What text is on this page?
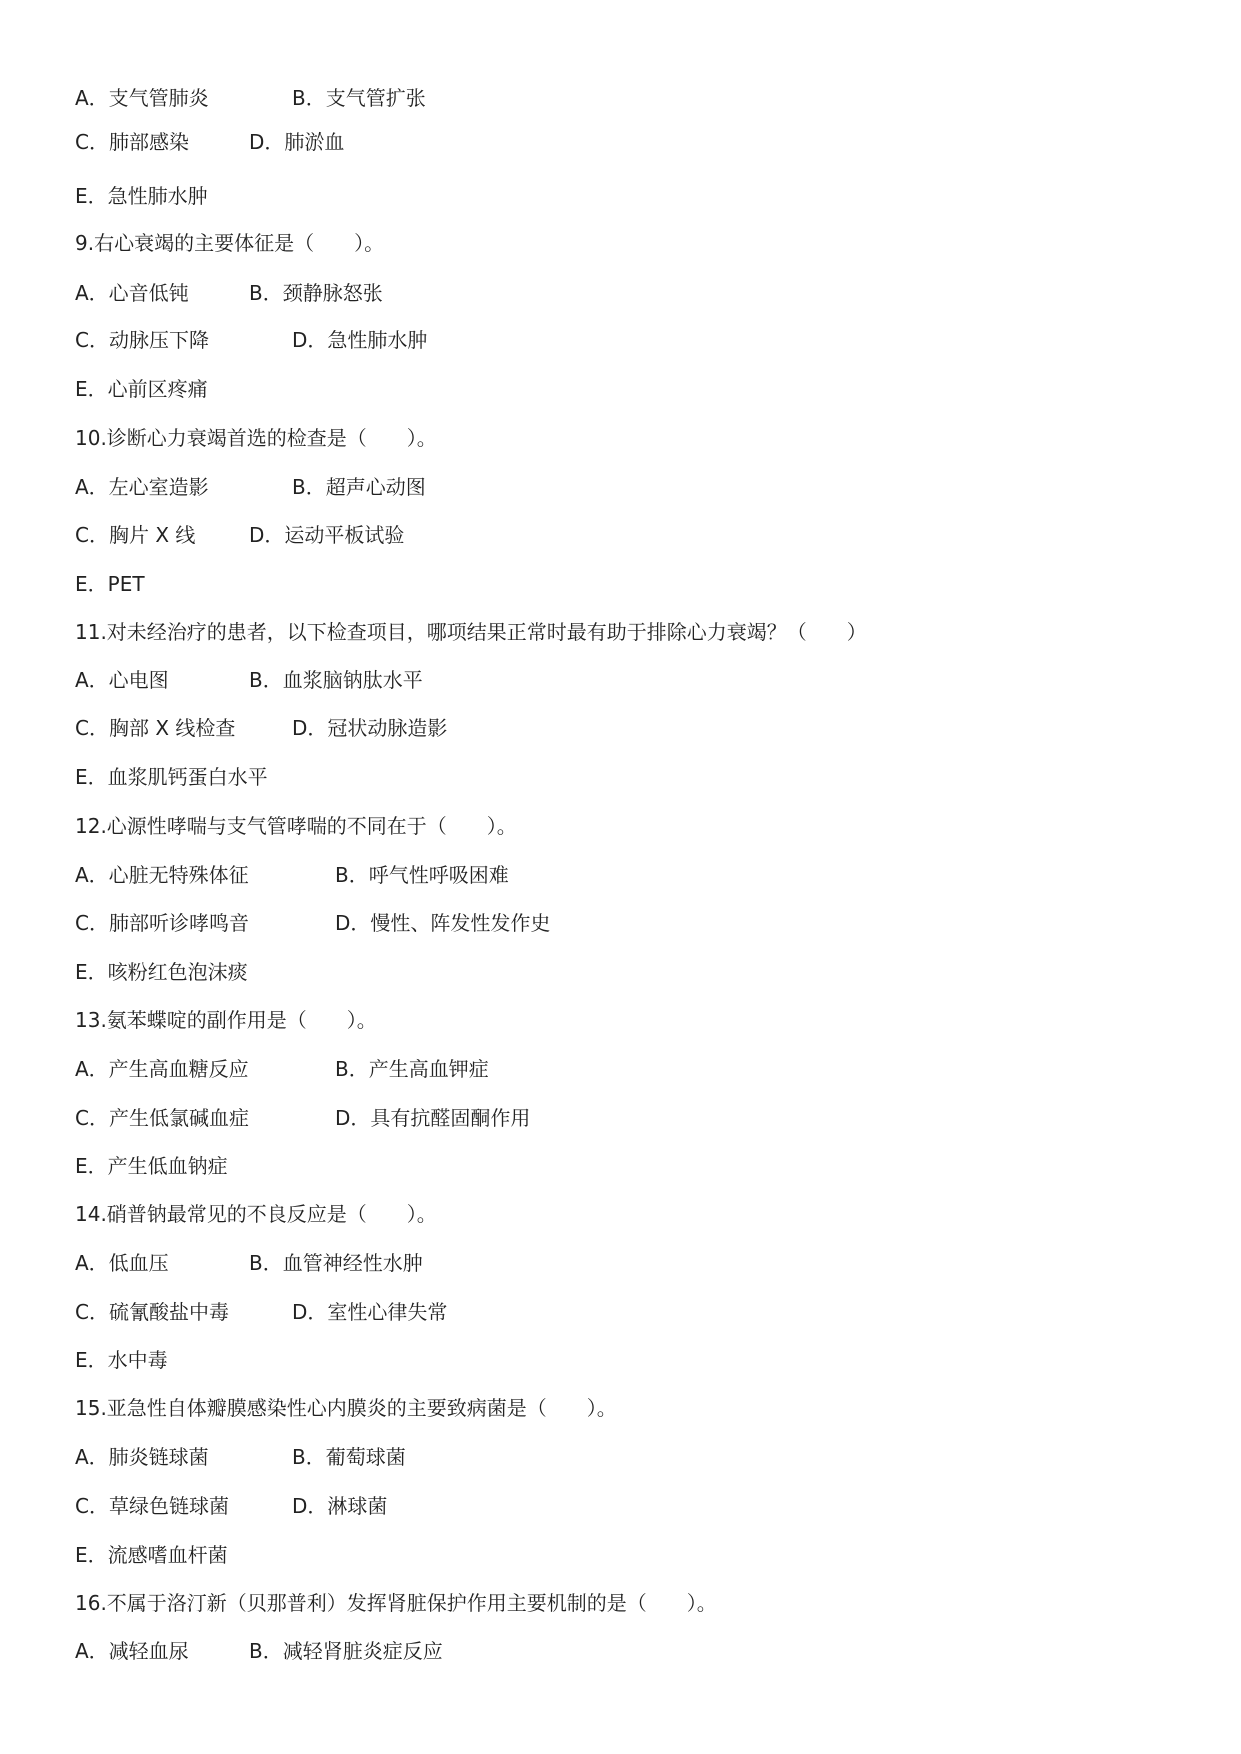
A．支气管肺炎	B．支气管扩张
C．肺部感染	D．肺淤血
E．急性肺水肿
9.右心衰竭的主要体征是（　　）。
A．心音低钝	B．颈静脉怒张
C．动脉压下降	D．急性肺水肿
E．心前区疼痛
10.诊断心力衰竭首选的检查是（　　）。
A．左心室造影	B．超声心动图
C．胸片 X 线	D．运动平板试验
E．PET
11.对未经治疗的患者，以下检查项目，哪项结果正常时最有助于排除心力衰竭？（　　）
A．心电图	B．血浆脑钠肽水平
C．胸部 X 线检查	D．冠状动脉造影
E．血浆肌钙蛋白水平
12.心源性哮喘与支气管哮喘的不同在于（　　）。
A．心脏无特殊体征	B．呼气性呼吸困难
C．肺部听诊哮鸣音	D．慢性、阵发性发作史
E．咳粉红色泡沫痰
13.氨苯蝶啶的副作用是（　　）。
A．产生高血糖反应	B．产生高血钾症
C．产生低氯碱血症	D．具有抗醛固酮作用
E．产生低血钠症
14.硝普钠最常见的不良反应是（　　）。
A．低血压	B．血管神经性水肿
C．硫氰酸盐中毒	D．室性心律失常
E．水中毒
15.亚急性自体瓣膜感染性心内膜炎的主要致病菌是（　　）。
A．肺炎链球菌	B．葡萄球菌
C．草绿色链球菌	D．淋球菌
E．流感嗜血杆菌
16.不属于洛汀新（贝那普利）发挥肾脏保护作用主要机制的是（　　）。
A．减轻血尿	B．减轻肾脏炎症反应
